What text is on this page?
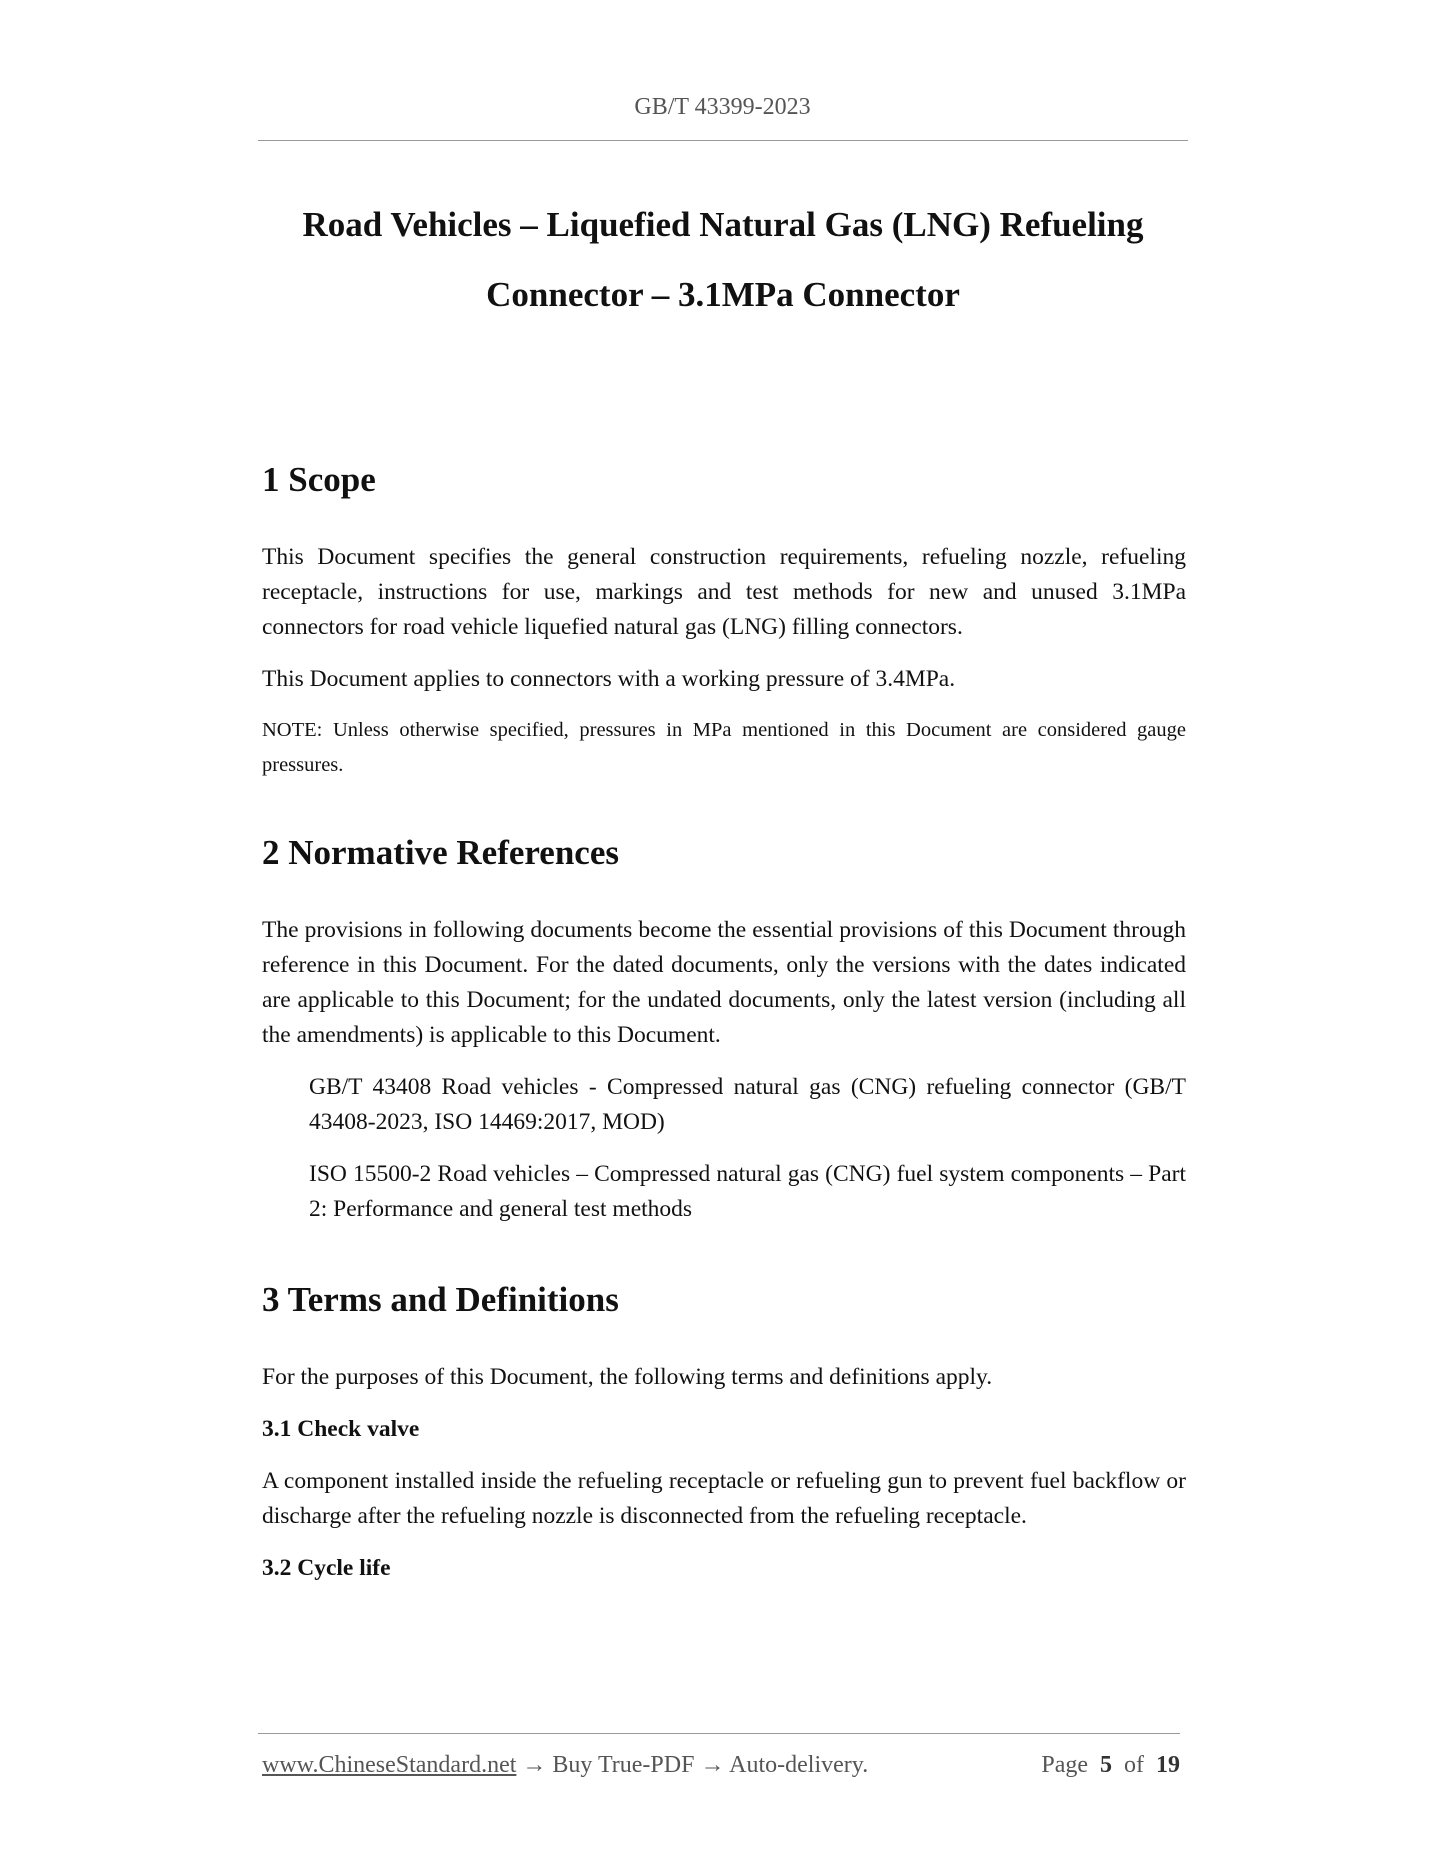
GB/T 43399-2023
Road Vehicles – Liquefied Natural Gas (LNG) Refueling
Connector – 3.1MPa Connector
1 Scope

This Document specifies the general construction requirements, refueling nozzle, refueling receptacle, instructions for use, markings and test methods for new and unused 3.1MPa connectors for road vehicle liquefied natural gas (LNG) filling connectors.

This Document applies to connectors with a working pressure of 3.4MPa.

NOTE: Unless otherwise specified, pressures in MPa mentioned in this Document are considered gauge pressures.

2 Normative References

The provisions in following documents become the essential provisions of this Document through reference in this Document. For the dated documents, only the versions with the dates indicated are applicable to this Document; for the undated documents, only the latest version (including all the amendments) is applicable to this Document.

GB/T 43408 Road vehicles - Compressed natural gas (CNG) refueling connector (GB/T 43408-2023, ISO 14469:2017, MOD)

ISO 15500-2 Road vehicles – Compressed natural gas (CNG) fuel system components – Part 2: Performance and general test methods

3 Terms and Definitions

For the purposes of this Document, the following terms and definitions apply.

3.1 Check valve

A component installed inside the refueling receptacle or refueling gun to prevent fuel backflow or discharge after the refueling nozzle is disconnected from the refueling receptacle.

3.2 Cycle life
www.ChineseStandard.net → Buy True-PDF → Auto-delivery.	Page 5 of 19
